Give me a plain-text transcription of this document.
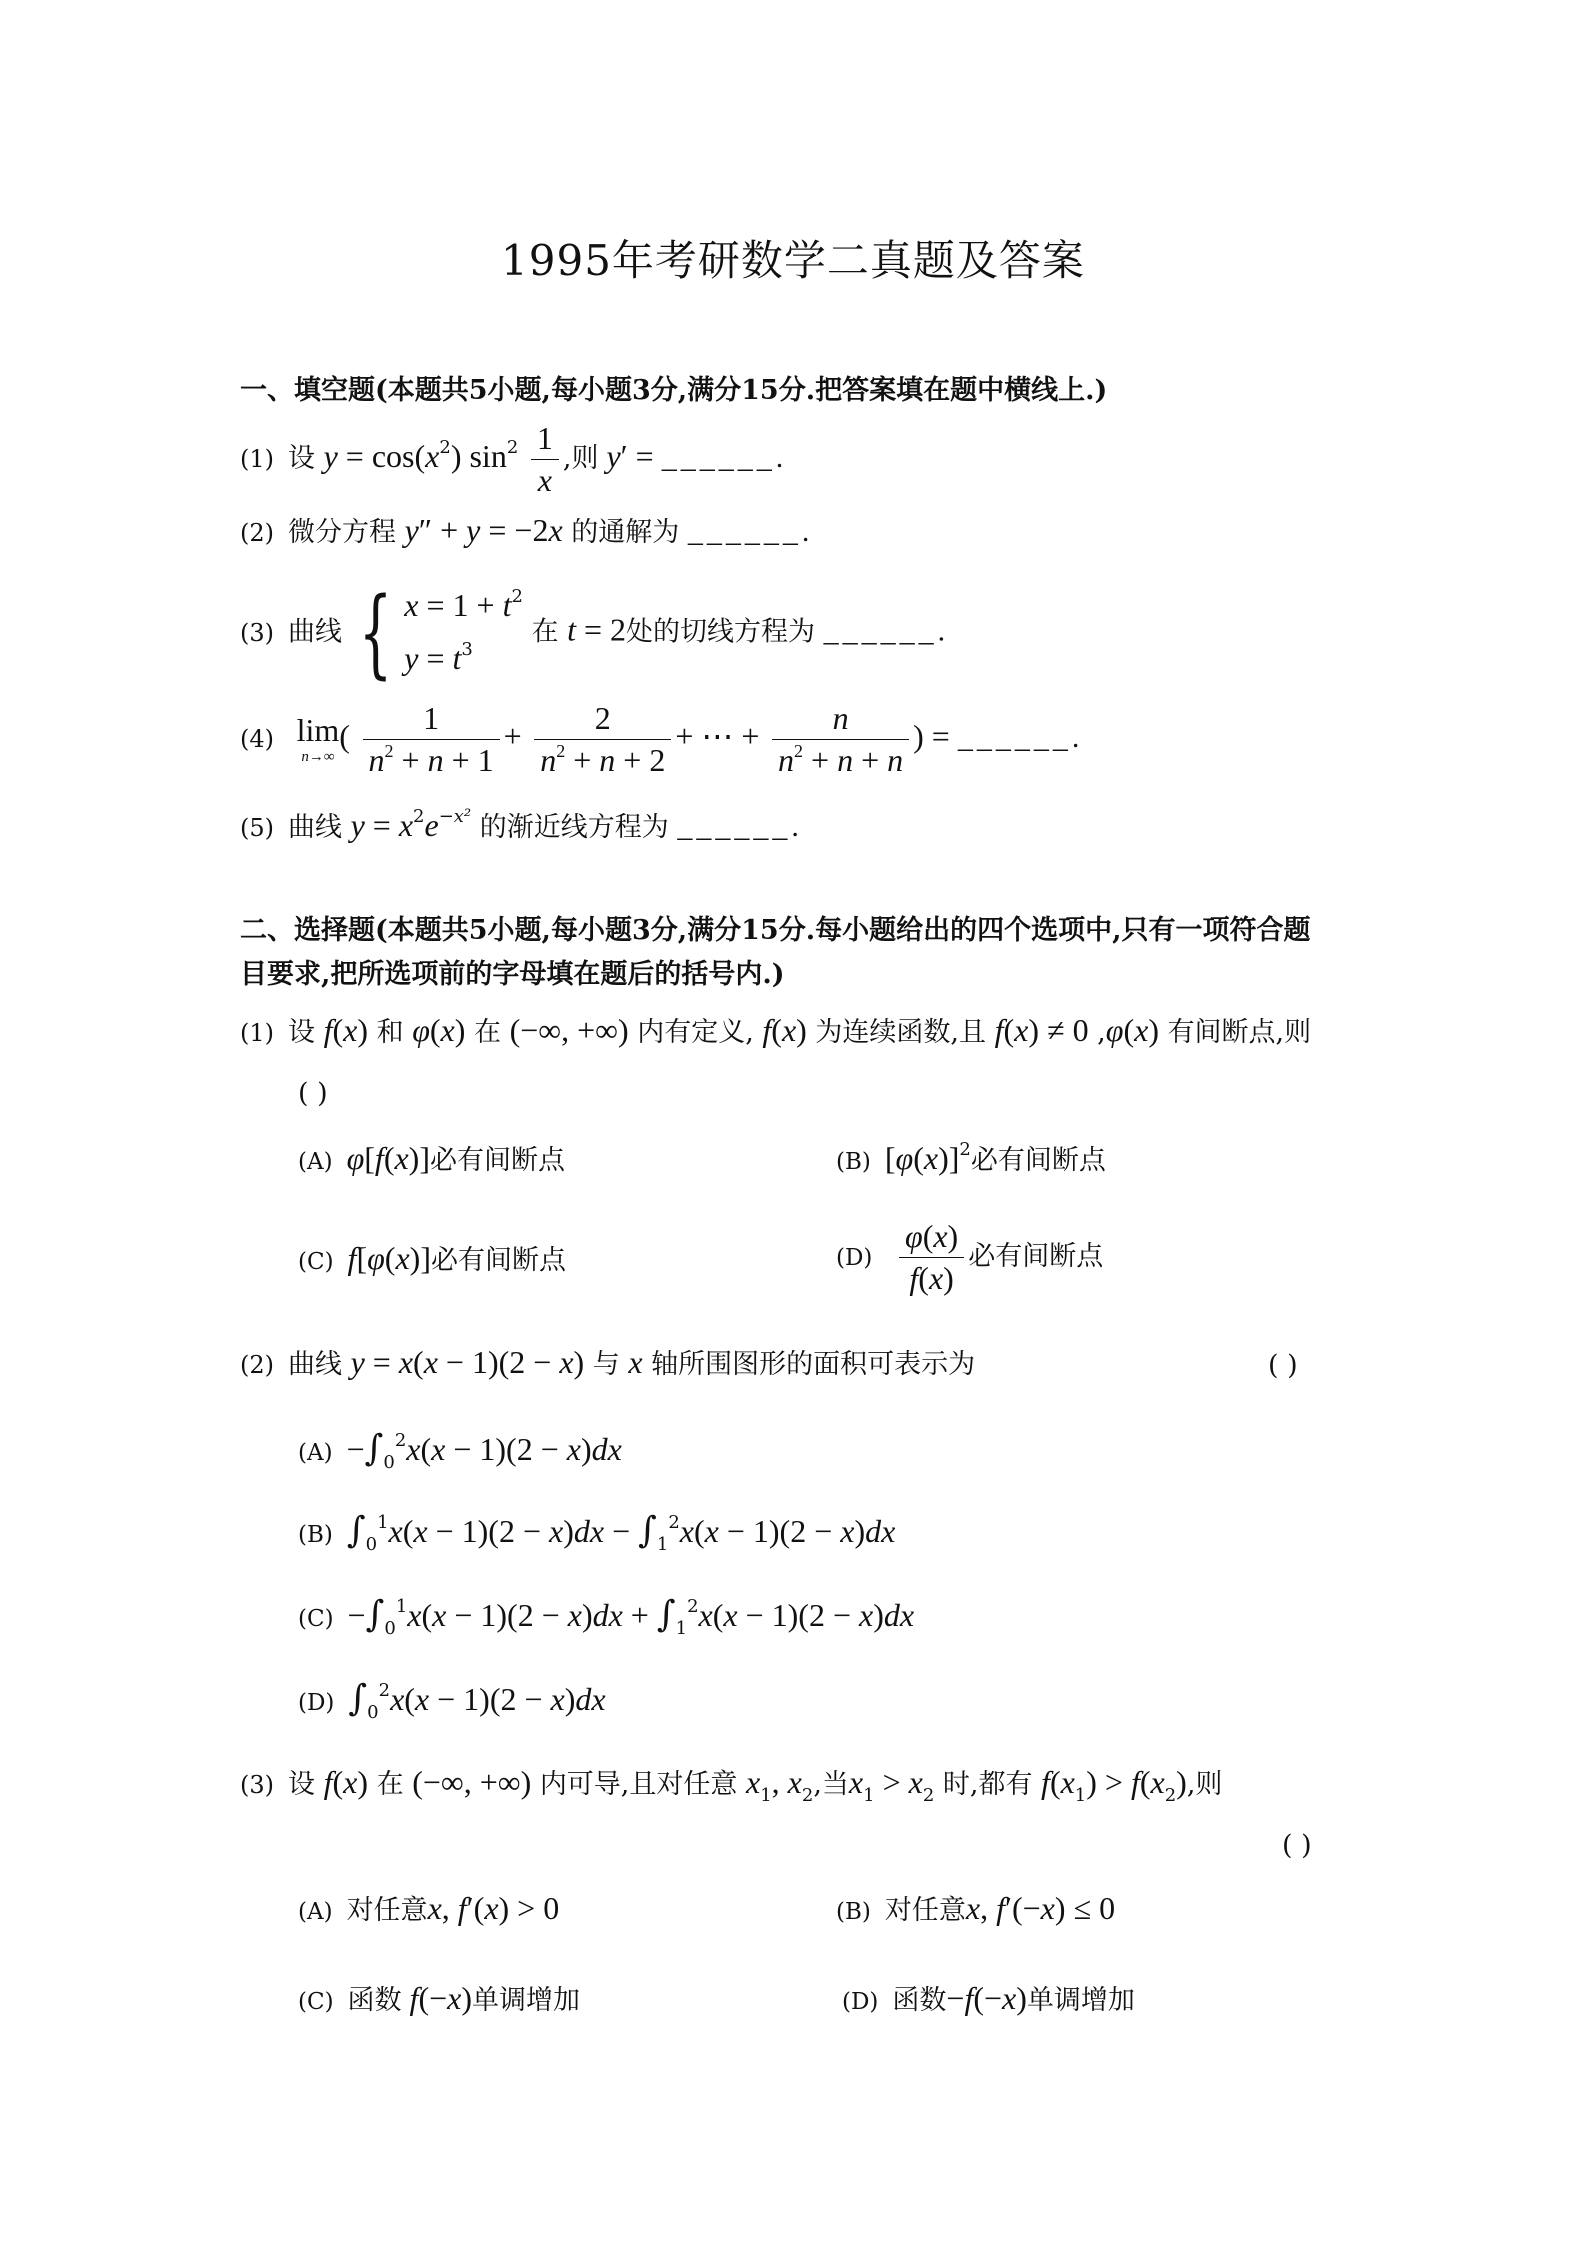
1995年考研数学二真题及答案
一、填空题(本题共5小题,每小题3分,满分15分.把答案填在题中横线上.)
(1) 设 $y = \cos(x^2)$ $\sin^2 \frac{1}{x}$ ,则 y′ = ______.
(2) 微分方程 y″ + y = −2x 的通解为 ______.
(3) 曲线 { $x = 1 + t^2$
$y = t^3$
在 t = 2处的切线方程为 ______.
(4) lim
n→∞
( $\frac{1}{n^2 + n + 1} + \frac{2}{n^2 + n + 2}$ + ⋯ + $\frac{n}{n^2 + n + n}$ ) = ______.
(5) 曲线 $y = x^2e^{-x^2}$ 的渐近线方程为 ______.
二、选择题(本题共5小题,每小题3分,满分15分.每小题给出的四个选项中,只有一项符合题
目要求,把所选项前的字母填在题后的括号内.)
(1) 设 f(x) 和 φ(x) 在 (−∞, +∞) 内有定义, f(x) 为连续函数,且 f(x) ≠ 0 ,φ(x) 有间断点,则
( )
(A) φ[f(x)]必有间断点	(B) $[\varphi(x)]^2$必有间断点
(C) f[φ(x)]必有间断点	$(D) \frac{\varphi(x)}{f(x)}$ 必有间断点
(2) 曲线 y = x(x − 1)(2 − x) 与 x 轴所围图形的面积可表示为	( )
$(A) -\int_0^2x(x - 1)(2 - x)dx$
(B) $\int_0^1x(x - 1)(2 - x)dx - \int_1^2x(x - 1)(2 - x)dx$
$(C) -\int_0^1x(x - 1)(2 - x)dx + \int_1^2x(x - 1)(2 - x)dx$
(D) $\int_0^2x(x - 1)(2 - x)dx$
(3) 设 f(x) 在 (−∞, +∞) 内可导,且对任意 $x_1$, $x_2$,当$x_1 > x_2$ 时,都有 $f(x_1) > f(x_2)$,则
( )
(A) 对任意x, f′(x) > 0	(B) 对任意x, f′(−x) ≤ 0
(C) 函数 f(−x)单调增加	(D) 函数−f(−x)单调增加
